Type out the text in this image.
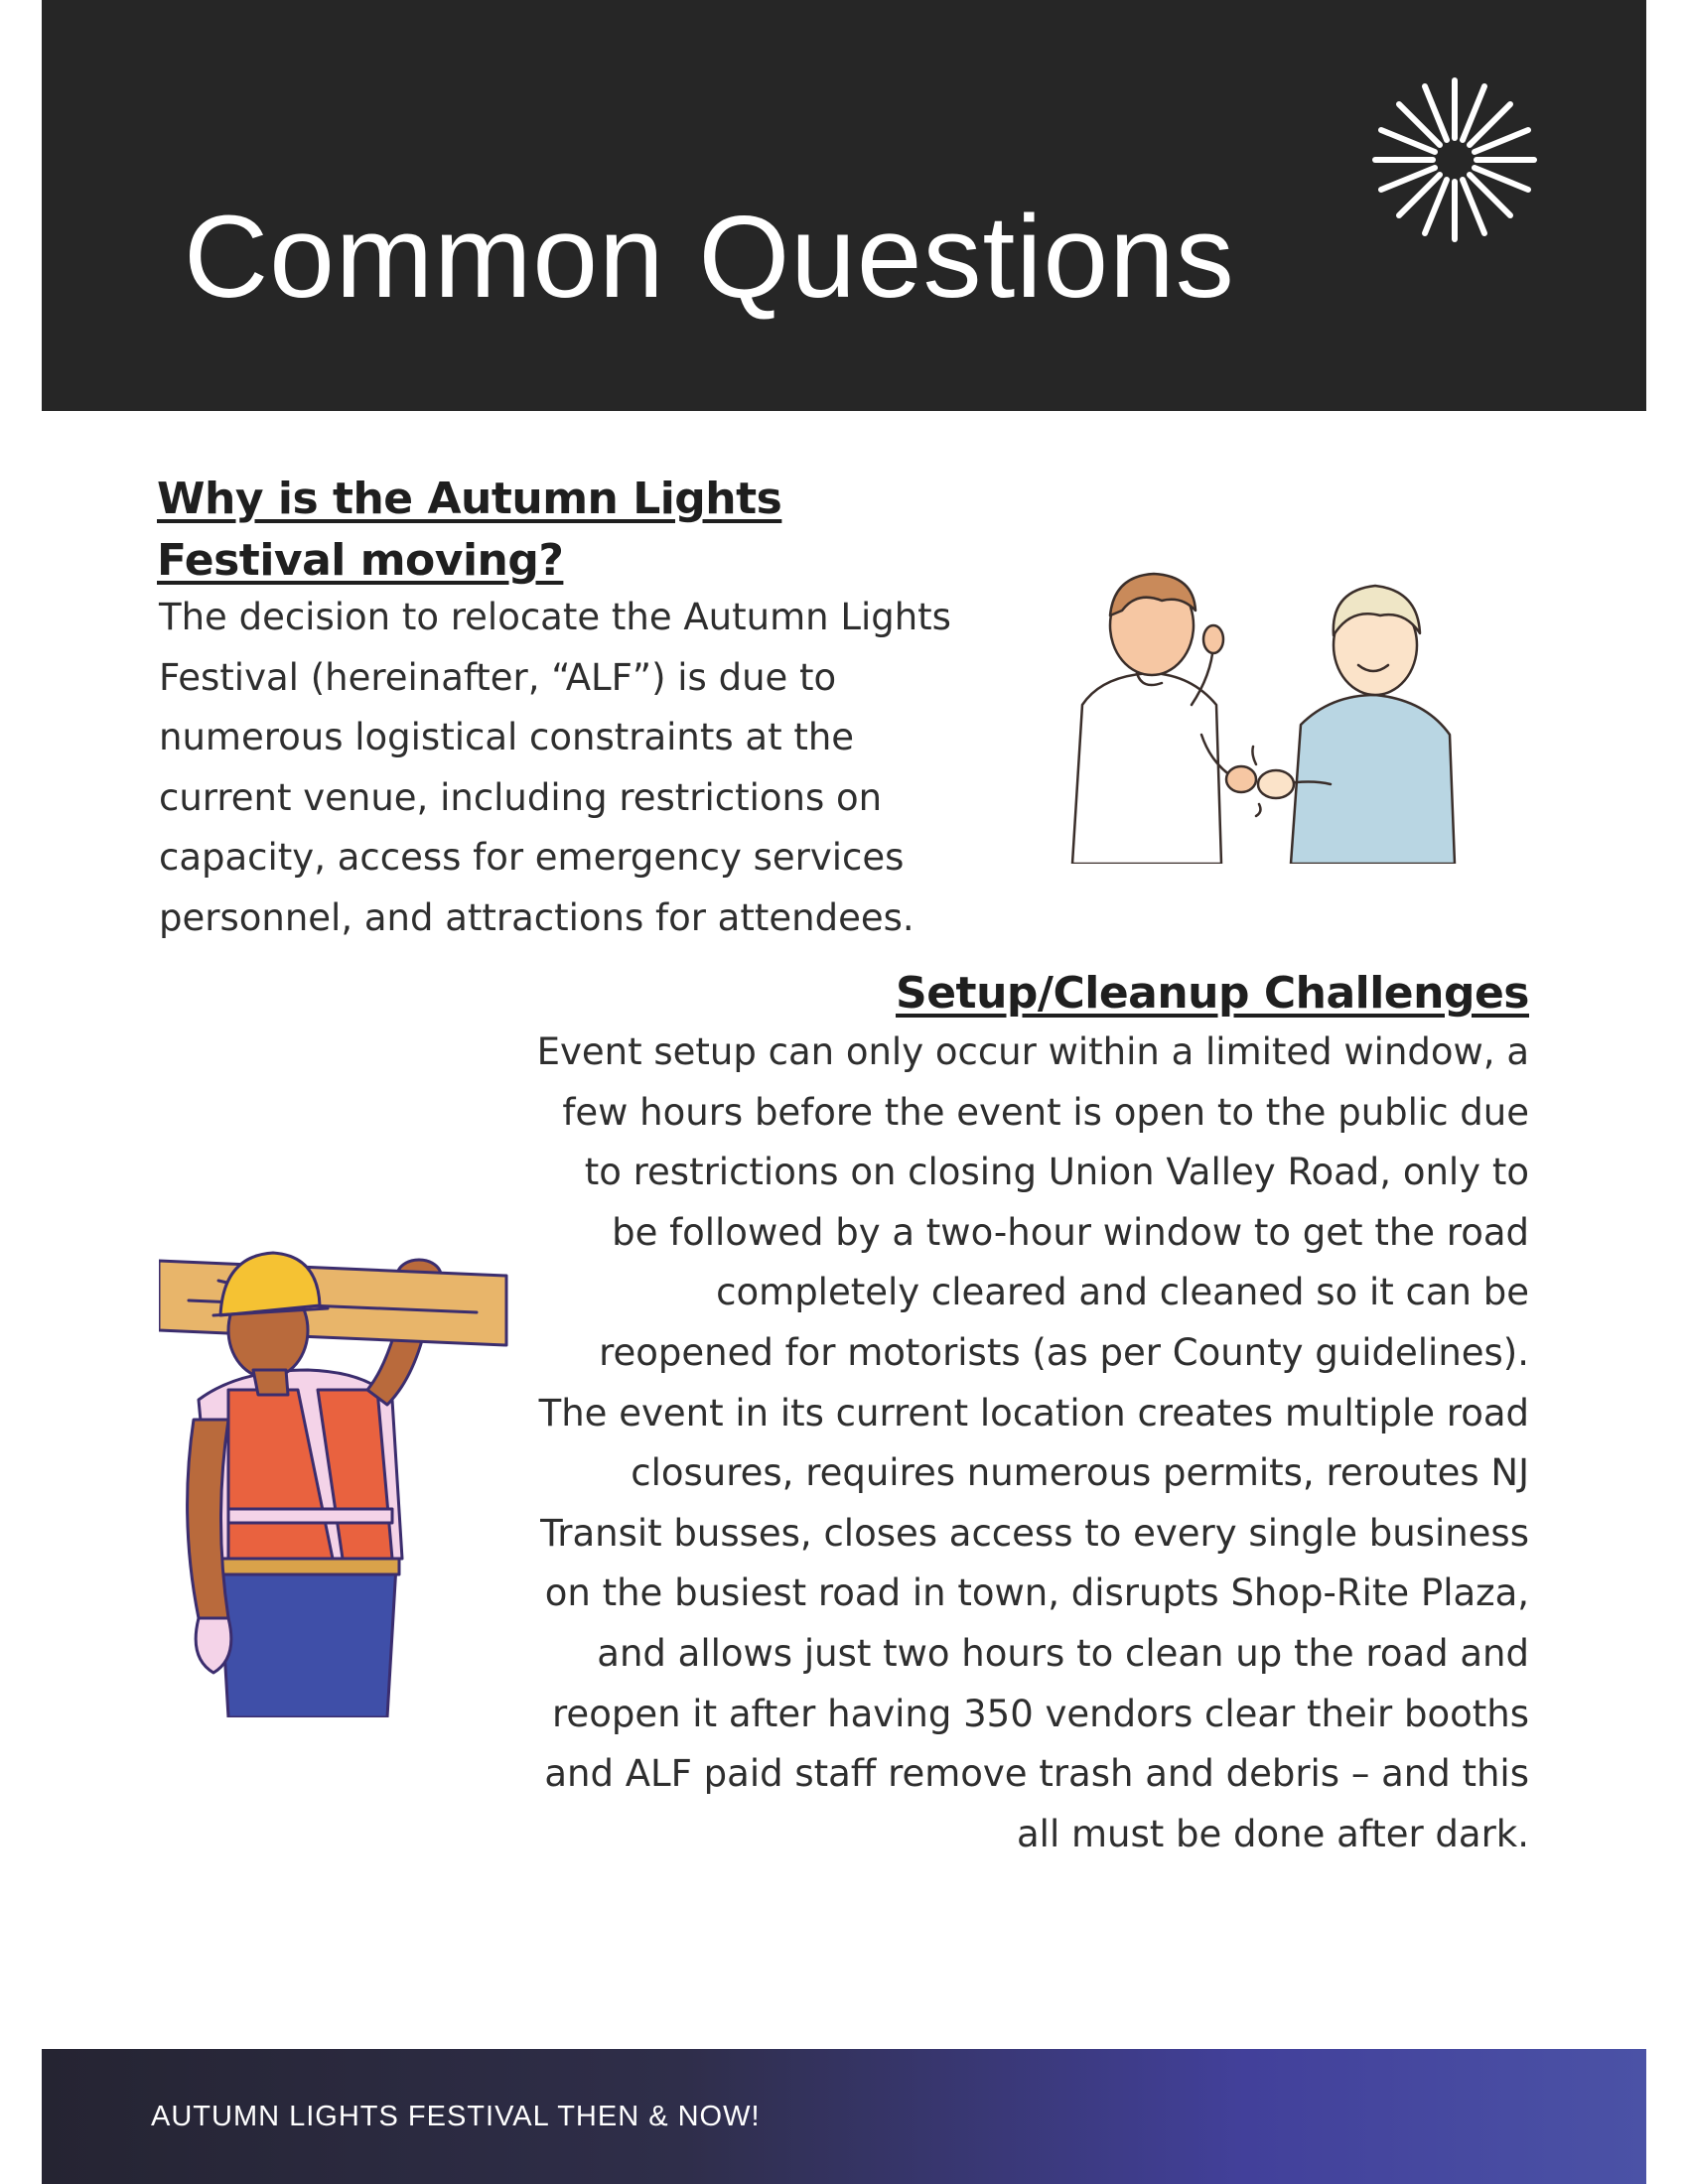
Common Questions
Why is the Autumn Lights Festival moving?

The decision to relocate the Autumn Lights Festival (hereinafter, “ALF”) is due to numerous logistical constraints at the current venue, including restrictions on capacity, access for emergency services personnel, and attractions for attendees.

Setup/Cleanup Challenges

Event setup can only occur within a limited window, a few hours before the event is open to the public due to restrictions on closing Union Valley Road, only to be followed by a two-hour window to get the road completely cleared and cleaned so it can be reopened for motorists (as per County guidelines). The event in its current location creates multiple road closures, requires numerous permits, reroutes NJ Transit busses, closes access to every single business on the busiest road in town, disrupts Shop-Rite Plaza, and allows just two hours to clean up the road and reopen it after having 350 vendors clear their booths and ALF paid staff remove trash and debris – and this all must be done after dark.

AUTUMN LIGHTS FESTIVAL THEN & NOW!
